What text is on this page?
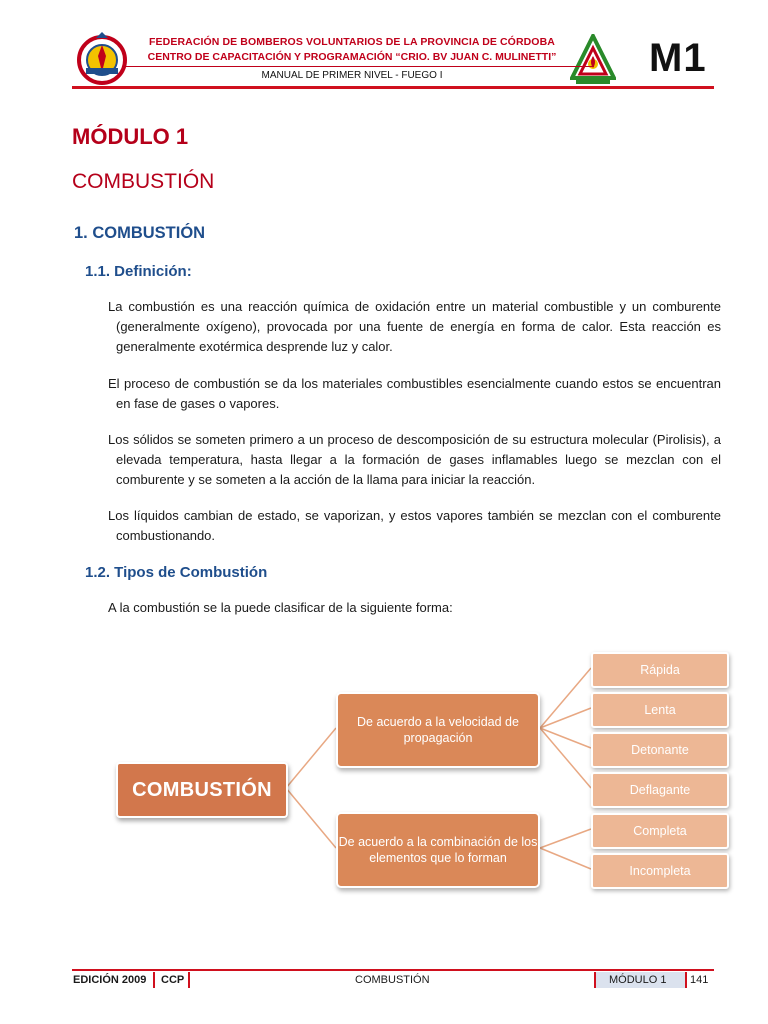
FEDERACIÓN DE BOMBEROS VOLUNTARIOS DE LA PROVINCIA DE CÓRDOBA
CENTRO DE CAPACITACIÓN Y PROGRAMACIÓN “CRIO. BV JUAN C. MULINETTI”
MANUAL DE PRIMER NIVEL - FUEGO I	M1
MÓDULO 1
COMBUSTIÓN
1. COMBUSTIÓN
1.1. Definición:
La combustión es una reacción química de oxidación entre un material combustible y un comburente (generalmente oxígeno), provocada por una fuente de energía en forma de calor. Esta reacción es generalmente exotérmica desprende luz y calor.
El proceso de combustión se da los materiales combustibles esencialmente cuando estos se encuentran en fase de gases o vapores.
Los sólidos se someten primero a un proceso de descomposición de su estructura molecular (Pirolisis), a elevada temperatura, hasta llegar a la formación de gases inflamables luego se mezclan con el comburente y se someten a la acción de la llama para iniciar la reacción.
Los líquidos cambian de estado, se vaporizan, y estos vapores también se mezclan con el comburente combustionando.
1.2. Tipos de Combustión
A la combustión se la puede clasificar de la siguiente forma:
COMBUSTIÓN
De acuerdo a la velocidad de propagación
De acuerdo a la combinación de los elementos que lo forman
Rápida
Lenta
Detonante
Deflagante
Completa
Incompleta
EDICIÓN 2009 CCP	COMBUSTIÓN	MÓDULO 1 141
